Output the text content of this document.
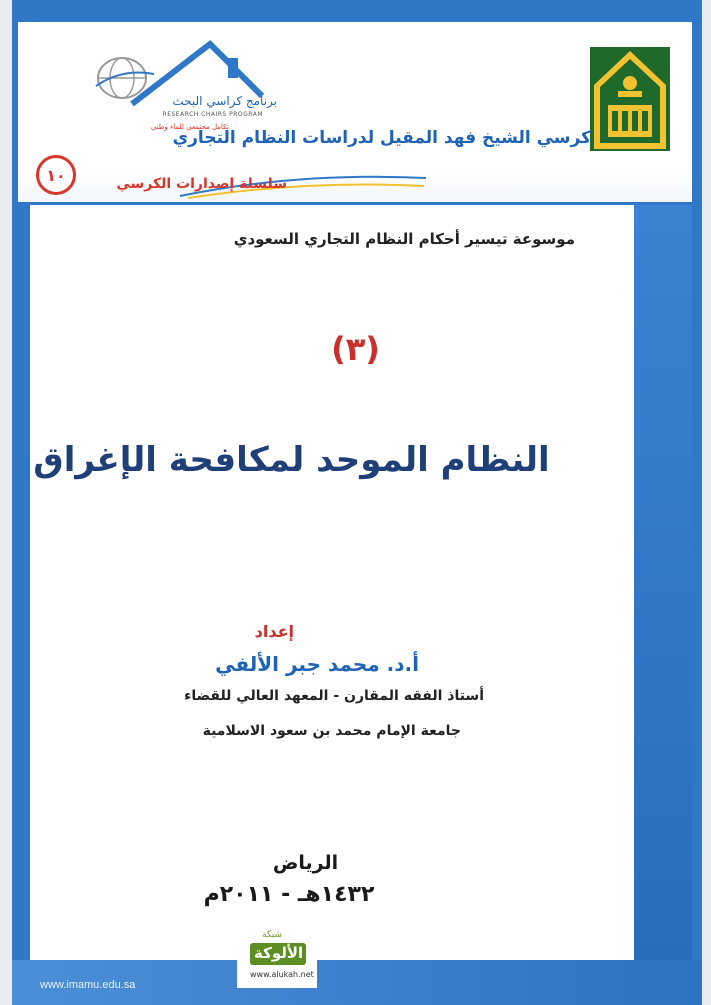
برنامج كراسي البحث
RESEARCH CHAIRS PROGRAM
تكامل مجتمعي للماء وطني
كرسي الشيخ فهد المقيل لدراسات النظام التجاري
سلسلة إصدارات الكرسي
١٠
موسوعة تيسير أحكام النظام التجاري السعودي
(٣)
النظام الموحد لمكافحة الإغراق
إعداد
أ.د. محمد جبر الألفي
أستاذ الفقه المقارن - المعهد العالي للقضاء
جامعة الإمام محمد بن سعود الاسلامية
الرياض
١٤٣٢هـ - ٢٠١١م
شبكة
الألوكة
www.alukah.net
www.imamu.edu.sa
